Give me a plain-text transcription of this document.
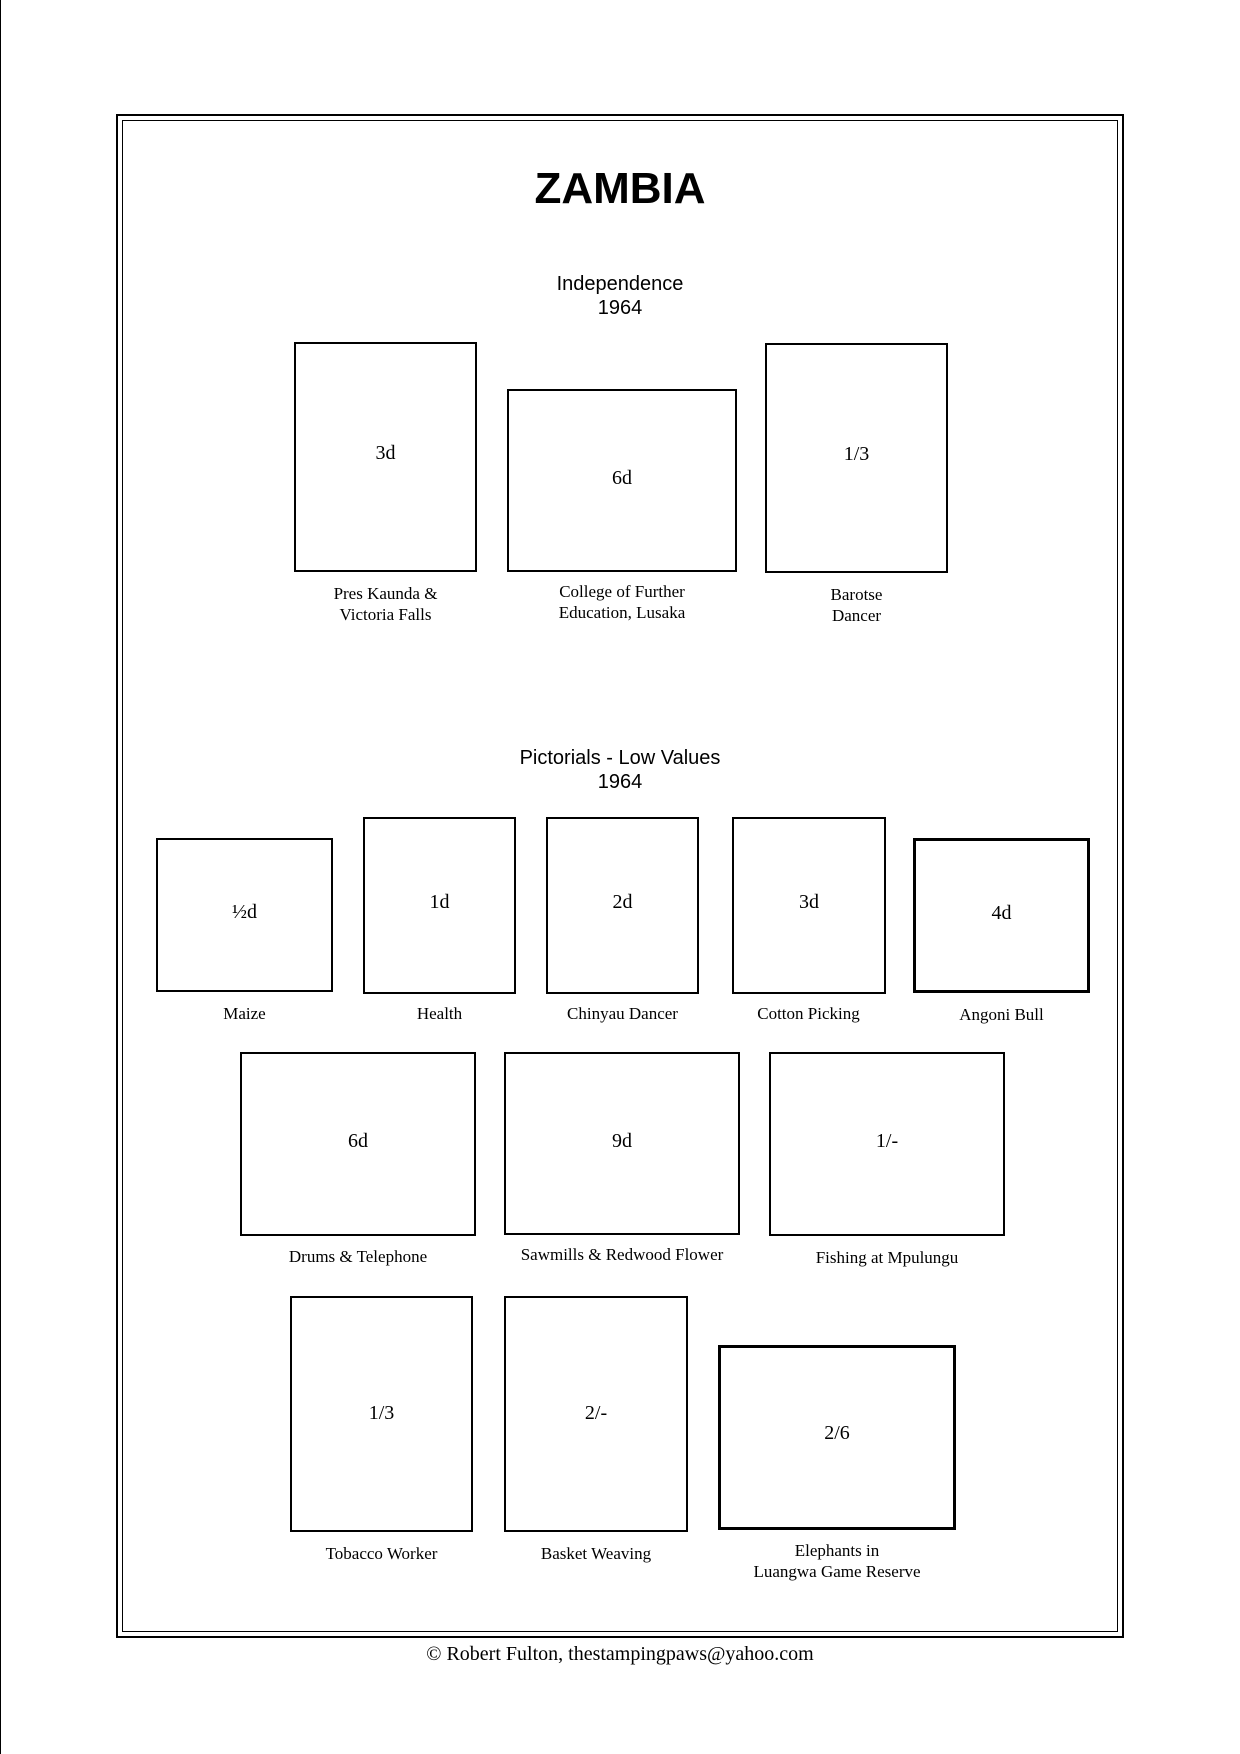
ZAMBIA
Independence
1964
3d
Pres Kaunda &
Victoria Falls
6d
College of Further
Education, Lusaka
1/3
Barotse
Dancer
Pictorials - Low Values
1964
½d
Maize
1d
Health
2d
Chinyau Dancer
3d
Cotton Picking
4d
Angoni Bull
6d
Drums & Telephone
9d
Sawmills & Redwood Flower
1/-
Fishing at Mpulungu
1/3
Tobacco Worker
2/-
Basket Weaving
2/6
Elephants in
Luangwa Game Reserve
© Robert Fulton, thestampingpaws@yahoo.com
